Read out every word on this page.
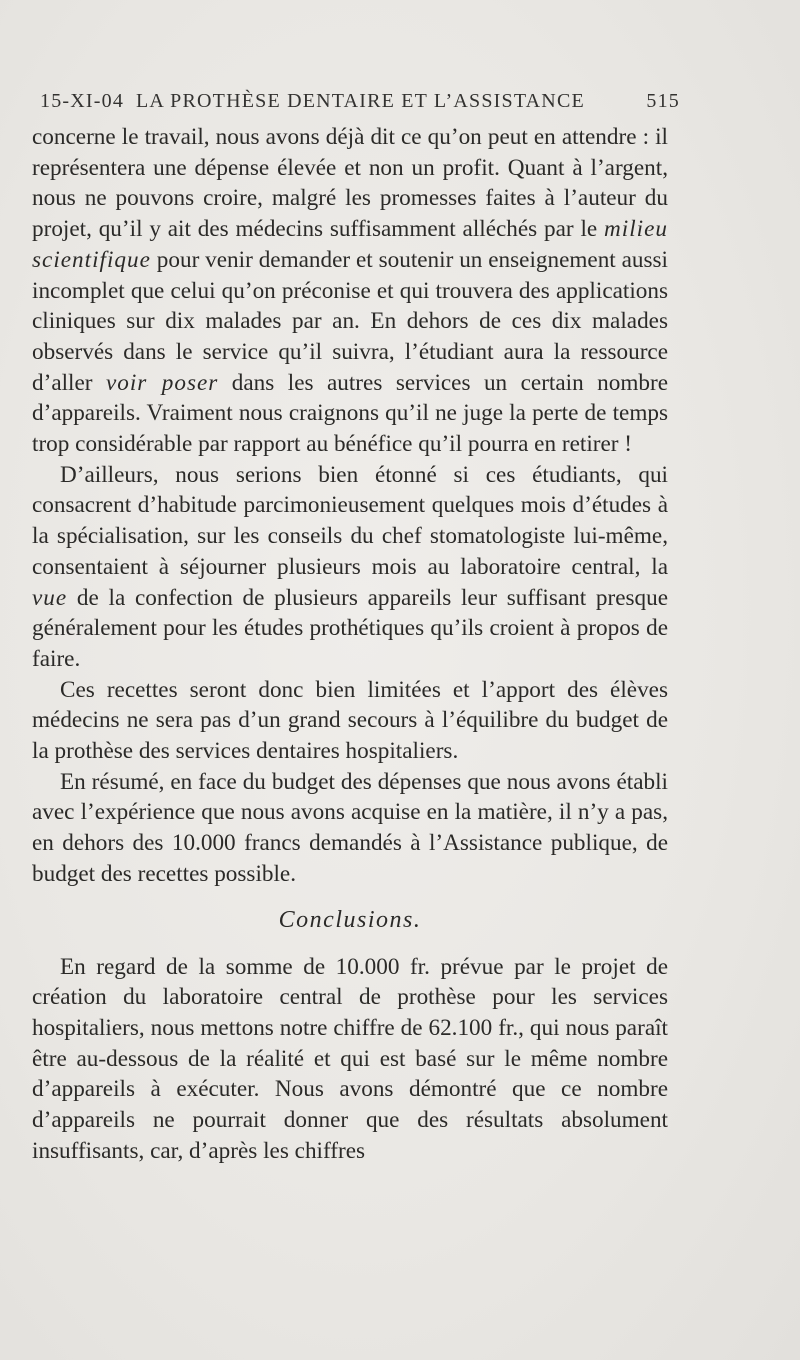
15-XI-04 LA PROTHÈSE DENTAIRE ET L’ASSISTANCE	515

concerne le travail, nous avons déjà dit ce qu’on peut en attendre : il représentera une dépense élevée et non un profit. Quant à l’argent, nous ne pouvons croire, malgré les promesses faites à l’auteur du projet, qu’il y ait des médecins suffisamment alléchés par le milieu scientifique pour venir demander et soutenir un enseignement aussi incomplet que celui qu’on préconise et qui trouvera des applications cliniques sur dix malades par an. En dehors de ces dix malades observés dans le service qu’il suivra, l’étudiant aura la ressource d’aller voir poser dans les autres services un certain nombre d’appareils. Vraiment nous craignons qu’il ne juge la perte de temps trop considérable par rapport au bénéfice qu’il pourra en retirer !

D’ailleurs, nous serions bien étonné si ces étudiants, qui consacrent d’habitude parcimonieusement quelques mois d’études à la spécialisation, sur les conseils du chef stomatologiste lui-même, consentaient à séjourner plusieurs mois au laboratoire central, la vue de la confection de plusieurs appareils leur suffisant presque généralement pour les études prothétiques qu’ils croient à propos de faire.

Ces recettes seront donc bien limitées et l’apport des élèves médecins ne sera pas d’un grand secours à l’équilibre du budget de la prothèse des services dentaires hospitaliers.

En résumé, en face du budget des dépenses que nous avons établi avec l’expérience que nous avons acquise en la matière, il n’y a pas, en dehors des 10.000 francs demandés à l’Assistance publique, de budget des recettes possible.

Conclusions.

En regard de la somme de 10.000 fr. prévue par le projet de création du laboratoire central de prothèse pour les services hospitaliers, nous mettons notre chiffre de 62.100 fr., qui nous paraît être au-dessous de la réalité et qui est basé sur le même nombre d’appareils à exécuter. Nous avons démontré que ce nombre d’appareils ne pourrait donner que des résultats absolument insuffisants, car, d’après les chiffres
